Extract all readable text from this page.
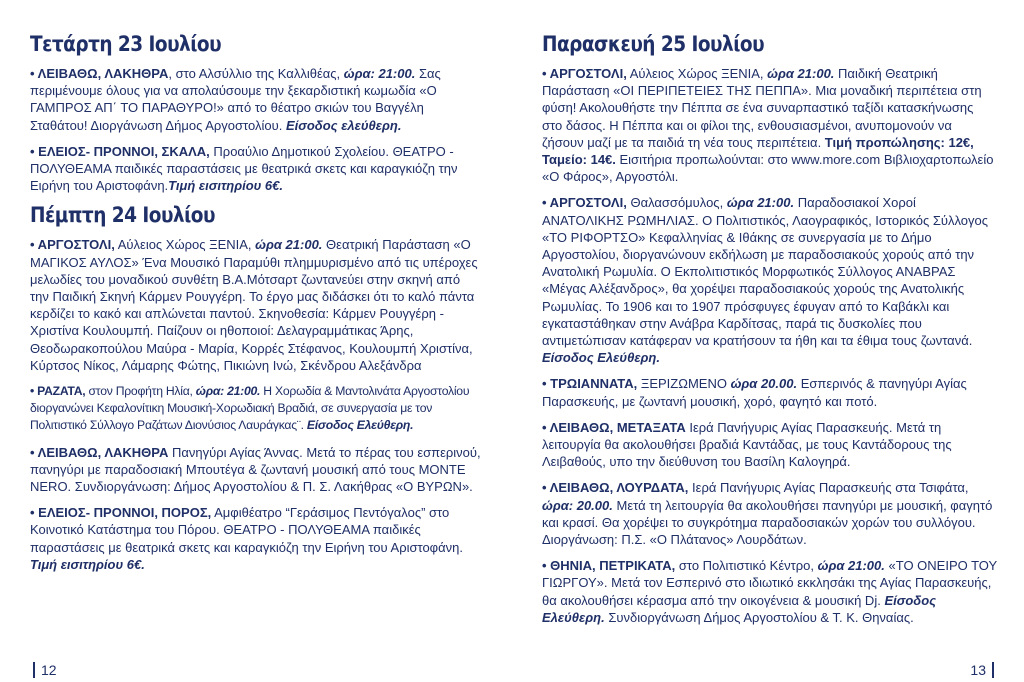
Τετάρτη 23 Ιουλίου

• ΛΕΙΒΑΘΩ, ΛΑΚΗΘΡΑ, στο Αλσύλλιο της Καλλιθέας, ώρα: 21:00. Σας περιμένουμε όλους για να απολαύσουμε την ξεκαρδιστική κωμωδία «Ο ΓΑΜΠΡΟΣ ΑΠ΄ ΤΟ ΠΑΡΑΘΥΡΟ!» από το θέατρο σκιών του Βαγγέλη Σταθάτου! Διοργάνωση Δήμος Αργοστολίου. Είσοδος ελεύθερη.

• ΕΛΕΙΟΣ- ΠΡΟΝΝΟΙ, ΣΚΑΛΑ, Προαύλιο Δημοτικού Σχολείου. ΘΕΑΤΡΟ - ΠΟΛΥΘΕΑΜΑ παιδικές παραστάσεις με θεατρικά σκετς και καραγκιόζη την Ειρήνη του Αριστοφάνη.Τιμή εισιτηρίου 6€.

Πέμπτη 24 Ιουλίου

• ΑΡΓΟΣΤΟΛΙ, Αύλειος Χώρος ΞΕΝΙΑ, ώρα 21:00. Θεατρική Παράσταση «Ο ΜΑΓΙΚΟΣ ΑΥΛΟΣ» Ένα Μουσικό Παραμύθι πλημμυρισμένο από τις υπέροχες μελωδίες του μοναδικού συνθέτη Β.Α.Μότσαρτ ζωντανεύει στην σκηνή από την Παιδική Σκηνή Κάρμεν Ρουγγέρη. Το έργο μας διδάσκει ότι το καλό πάντα κερδίζει το κακό και απλώνεται παντού. Σκηνοθεσία: Κάρμεν Ρουγγέρη - Χριστίνα Κουλουμπή. Παίζουν οι ηθοποιοί: Δελαγραμμάτικας Άρης, Θεοδωρακοπούλου Μαύρα - Μαρία, Κορρές Στέφανος, Κουλουμπή Χριστίνα, Κύρτσος Νίκος, Λάμαρης Φώτης, Πικιώνη Ινώ, Σκένδρου Αλεξάνδρα

• ΡΑΖΑΤΑ, στον Προφήτη Ηλία, ώρα: 21:00. Η Χορωδία & Μαντολινάτα Αργοστολίου διοργανώνει Κεφαλονίτικη Μουσική-Χορωδιακή Βραδιά, σε συνεργασία με τον Πολιτιστικό Σύλλογο Ραζάτων Διονύσιος Λαυράγκας¨. Είσοδος Ελεύθερη.

• ΛΕΙΒΑΘΩ, ΛΑΚΗΘΡΑ Πανηγύρι Αγίας Άννας. Μετά το πέρας του εσπερινού, πανηγύρι με παραδοσιακή Μπουτέγα & ζωντανή μουσική από τους MONTE NERO. Συνδιοργάνωση: Δήμος Αργοστολίου & Π. Σ. Λακήθρας «Ο ΒΥΡΩΝ».

• ΕΛΕΙΟΣ- ΠΡΟΝΝΟΙ, ΠΟΡΟΣ, Αμφιθέατρο “Γεράσιμος Πεντόγαλος” στο Κοινοτικό Κατάστημα του Πόρου. ΘΕΑΤΡΟ - ΠΟΛΥΘΕΑΜΑ παιδικές παραστάσεις με θεατρικά σκετς και καραγκιόζη την Ειρήνη του Αριστοφάνη. Τιμή εισιτηρίου 6€.

12
Παρασκευή 25 Ιουλίου

• ΑΡΓΟΣΤΟΛΙ, Αύλειος Χώρος ΞΕΝΙΑ, ώρα 21:00. Παιδική Θεατρική Παράσταση «ΟΙ ΠΕΡΙΠΕΤΕΙΕΣ ΤΗΣ ΠΕΠΠΑ». Μια μοναδική περιπέτεια στη φύση! Ακολουθήστε την Πέππα σε ένα συναρπαστικό ταξίδι κατασκήνωσης στο δάσος. Η Πέππα και οι φίλοι της, ενθουσιασμένοι, ανυπομονούν να ζήσουν μαζί με τα παιδιά τη νέα τους περιπέτεια. Τιμή προπώλησης: 12€, Ταμείο: 14€. Εισιτήρια προπωλούνται: στο www.more.com Βιβλιοχαρτοπωλείο «Ο Φάρος», Αργοστόλι.

• ΑΡΓΟΣΤΟΛΙ, Θαλασσόμυλος, ώρα 21:00. Παραδοσιακοί Χοροί ΑΝΑΤΟΛΙΚΗΣ ΡΩΜΗΛΙΑΣ. Ο Πολιτιστικός, Λαογραφικός, Ιστορικός Σύλλογος «ΤΟ ΡΙΦΟΡΤΣΟ» Κεφαλληνίας & Ιθάκης σε συνεργασία με το Δήμο Αργοστολίου, διοργανώνουν εκδήλωση με παραδοσιακούς χορούς από την Ανατολική Ρωμυλία. Ο Εκπολιτιστικός Μορφωτικός Σύλλογος ΑΝΑΒΡΑΣ «Μέγας Αλέξανδρος», θα χορέψει παραδοσιακούς χορούς της Ανατολικής Ρωμυλίας. Το 1906 και το 1907 πρόσφυγες έφυγαν από το Καβάκλι και εγκαταστάθηκαν στην Ανάβρα Καρδίτσας, παρά τις δυσκολίες που αντιμετώπισαν κατάφεραν να κρατήσουν τα ήθη και τα έθιμα τους ζωντανά. Είσοδος Ελεύθερη.

• ΤΡΩΙΑΝΝΑΤΑ, ΞΕΡΙΖΩΜΕΝΟ ώρα 20.00. Εσπερινός & πανηγύρι Αγίας Παρασκευής, με ζωντανή μουσική, χορό, φαγητό και ποτό.

• ΛΕΙΒΑΘΩ, ΜΕΤΑΞΑΤΑ Ιερά Πανήγυρις Αγίας Παρασκευής. Μετά τη λειτουργία θα ακολουθήσει βραδιά Καντάδας, με τους Καντάδορους της Λειβαθούς, υπο την διεύθυνση του Βασίλη Καλογηρά.

• ΛΕΙΒΑΘΩ, ΛΟΥΡΔΑΤΑ, Ιερά Πανήγυρις Αγίας Παρασκευής στα Τσιφάτα, ώρα: 20.00. Μετά τη λειτουργία θα ακολουθήσει πανηγύρι με μουσική, φαγητό και κρασί. Θα χορέψει το συγκρότημα παραδοσιακών χορών του συλλόγου. Διοργάνωση: Π.Σ. «Ο Πλάτανος» Λουρδάτων.

• ΘΗΝΙΑ, ΠΕΤΡΙΚΑΤΑ, στο Πολιτιστικό Κέντρο, ώρα 21:00. «ΤΟ ΟΝΕΙΡΟ ΤΟΥ ΓΙΩΡΓΟΥ». Μετά τον Εσπερινό στο ιδιωτικό εκκλησάκι της Αγίας Παρασκευής, θα ακολουθήσει κέρασμα από την οικογένεια & μουσική Dj. Είσοδος Ελεύθερη. Συνδιοργάνωση Δήμος Αργοστολίου & Τ. Κ. Θηναίας.

13
